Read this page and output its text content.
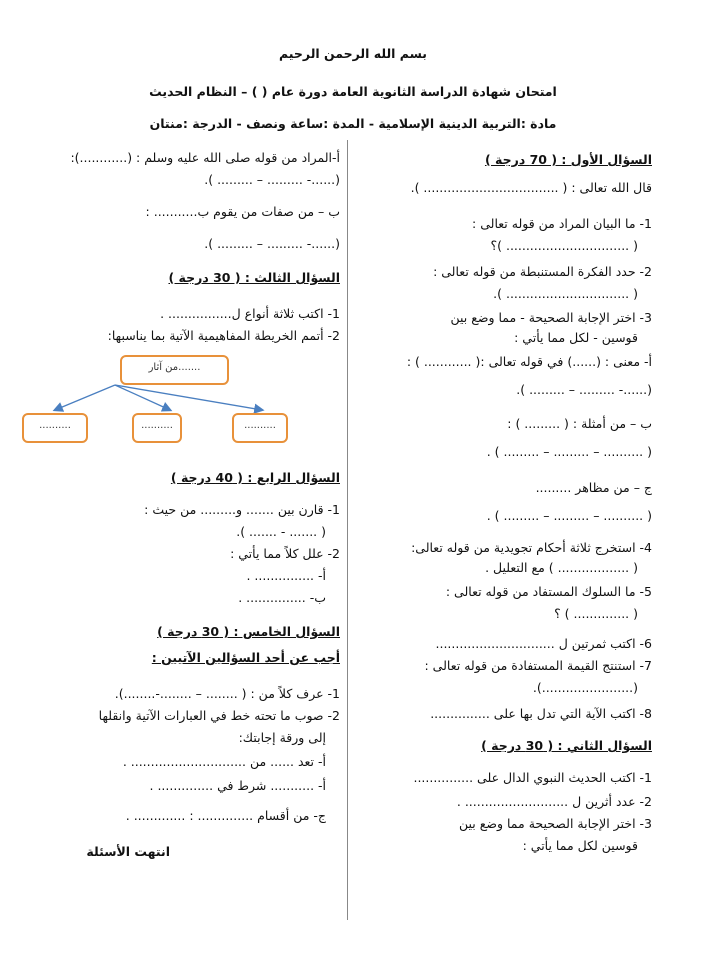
بسم الله الرحمن الرحيم
امتحان شهادة الدراسة الثانوية العامة دورة عام ( ) – النظام الحديث
مادة :التربية الدينية الإسلامية - المدة :ساعة ونصف - الدرجة :منتان
السؤال الأول : ( 70 درجة )
قال الله تعالى : ( .................................. ).
1- ما البيان المراد من قوله تعالى :
( ............................... )؟
2- حدد الفكرة المستنبطة من قوله تعالى :
( ............................... ).
3- اختر الإجابة الصحيحة - مما وضع بين
قوسين - لكل مما يأتي :
أ- معنى : (......) في قوله تعالى :( ............ ) :
(......- ......... – ......... ).
ب – من أمثلة : ( ......... ) :
( .......... – ......... – ......... ) .
ج – من مظاهر .........
( .......... – ......... – ......... ) .
4- استخرج ثلاثة أحكام تجويدية من قوله تعالى:
( .................. ) مع التعليل .
5- ما السلوك المستفاد من قوله تعالى :
( .............. ) ؟
6- اكتب ثمرتين ل ..............................
7- استنتج القيمة المستفادة من قوله تعالى :
(.......................).
8- اكتب الآية التي تدل بها على ...............
السؤال الثاني : ( 30 درجة )
1- اكتب الحديث النبوي الدال على ...............
2- عدد أثرين ل .......................... .
3- اختر الإجابة الصحيحة مما وضع بين
قوسين لكل مما يأتي :
أ-المراد من قوله صلى الله عليه وسلم : (............):
(......- ......... – ......... ).
ب – من صفات من يقوم ب........... :
(......- ......... – ......... ).
السؤال الثالث : ( 30 درجة )
1- اكتب ثلاثة أنواع ل................ .
2- أتمم الخريطة المفاهيمية الآتية بما يناسبها:
السؤال الرابع : ( 40 درجة )
1- قارن بين ....... و......... من حيث :
( ....... - ....... ).
2- علل كلاً مما يأتي :
أ- ............... .
ب- ............... .
السؤال الخامس : ( 30 درجة )
أجب عن أحد السؤالين الآتيين :
1- عرف كلاً من : ( ........ – ........-........).
2- صوب ما تحته خط في العبارات الآتية وانقلها
إلى ورقة إجابتك:
أ- تعد ...... من ............................. .
أ- ........... شرط في .............. .
ج- من أقسام .............. : ............. .
انتهت الأسئلة
من آثار.......
..........	..........	..........
